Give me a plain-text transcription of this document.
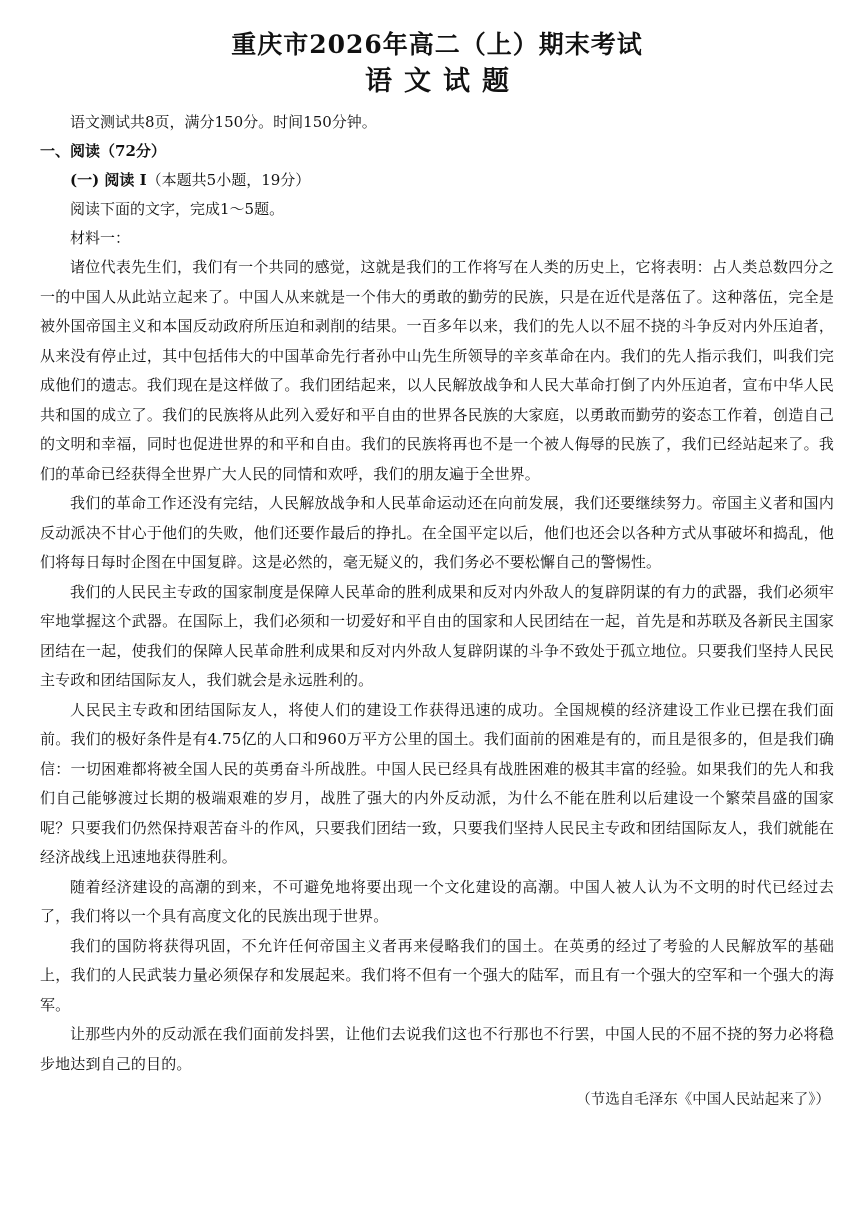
重庆市2026年高二（上）期末考试
语文试题

语文测试共8页，满分150分。时间150分钟。

一、阅读（72分）

(一) 阅读 I（本题共5小题，19分）

阅读下面的文字，完成1～5题。

材料一：

诸位代表先生们，我们有一个共同的感觉，这就是我们的工作将写在人类的历史上，它将表明：占人类总数四分之一的中国人从此站立起来了。中国人从来就是一个伟大的勇敢的勤劳的民族，只是在近代是落伍了。这种落伍，完全是被外国帝国主义和本国反动政府所压迫和剥削的结果。一百多年以来，我们的先人以不屈不挠的斗争反对内外压迫者，从来没有停止过，其中包括伟大的中国革命先行者孙中山先生所领导的辛亥革命在内。我们的先人指示我们，叫我们完成他们的遗志。我们现在是这样做了。我们团结起来，以人民解放战争和人民大革命打倒了内外压迫者，宣布中华人民共和国的成立了。我们的民族将从此列入爱好和平自由的世界各民族的大家庭，以勇敢而勤劳的姿态工作着，创造自己的文明和幸福，同时也促进世界的和平和自由。我们的民族将再也不是一个被人侮辱的民族了，我们已经站起来了。我们的革命已经获得全世界广大人民的同情和欢呼，我们的朋友遍于全世界。

我们的革命工作还没有完结，人民解放战争和人民革命运动还在向前发展，我们还要继续努力。帝国主义者和国内反动派决不甘心于他们的失败，他们还要作最后的挣扎。在全国平定以后，他们也还会以各种方式从事破坏和捣乱，他们将每日每时企图在中国复辟。这是必然的，毫无疑义的，我们务必不要松懈自己的警惕性。

我们的人民民主专政的国家制度是保障人民革命的胜利成果和反对内外敌人的复辟阴谋的有力的武器，我们必须牢牢地掌握这个武器。在国际上，我们必须和一切爱好和平自由的国家和人民团结在一起，首先是和苏联及各新民主国家团结在一起，使我们的保障人民革命胜利成果和反对内外敌人复辟阴谋的斗争不致处于孤立地位。只要我们坚持人民民主专政和团结国际友人，我们就会是永远胜利的。

人民民主专政和团结国际友人，将使人们的建设工作获得迅速的成功。全国规模的经济建设工作业已摆在我们面前。我们的极好条件是有4.75亿的人口和960万平方公里的国土。我们面前的困难是有的，而且是很多的，但是我们确信：一切困难都将被全国人民的英勇奋斗所战胜。中国人民已经具有战胜困难的极其丰富的经验。如果我们的先人和我们自己能够渡过长期的极端艰难的岁月，战胜了强大的内外反动派，为什么不能在胜利以后建设一个繁荣昌盛的国家呢？只要我们仍然保持艰苦奋斗的作风，只要我们团结一致，只要我们坚持人民民主专政和团结国际友人，我们就能在经济战线上迅速地获得胜利。

随着经济建设的高潮的到来，不可避免地将要出现一个文化建设的高潮。中国人被人认为不文明的时代已经过去了，我们将以一个具有高度文化的民族出现于世界。

我们的国防将获得巩固，不允许任何帝国主义者再来侵略我们的国土。在英勇的经过了考验的人民解放军的基础上，我们的人民武装力量必须保存和发展起来。我们将不但有一个强大的陆军，而且有一个强大的空军和一个强大的海军。

让那些内外的反动派在我们面前发抖罢，让他们去说我们这也不行那也不行罢，中国人民的不屈不挠的努力必将稳步地达到自己的目的。

（节选自毛泽东《中国人民站起来了》）
